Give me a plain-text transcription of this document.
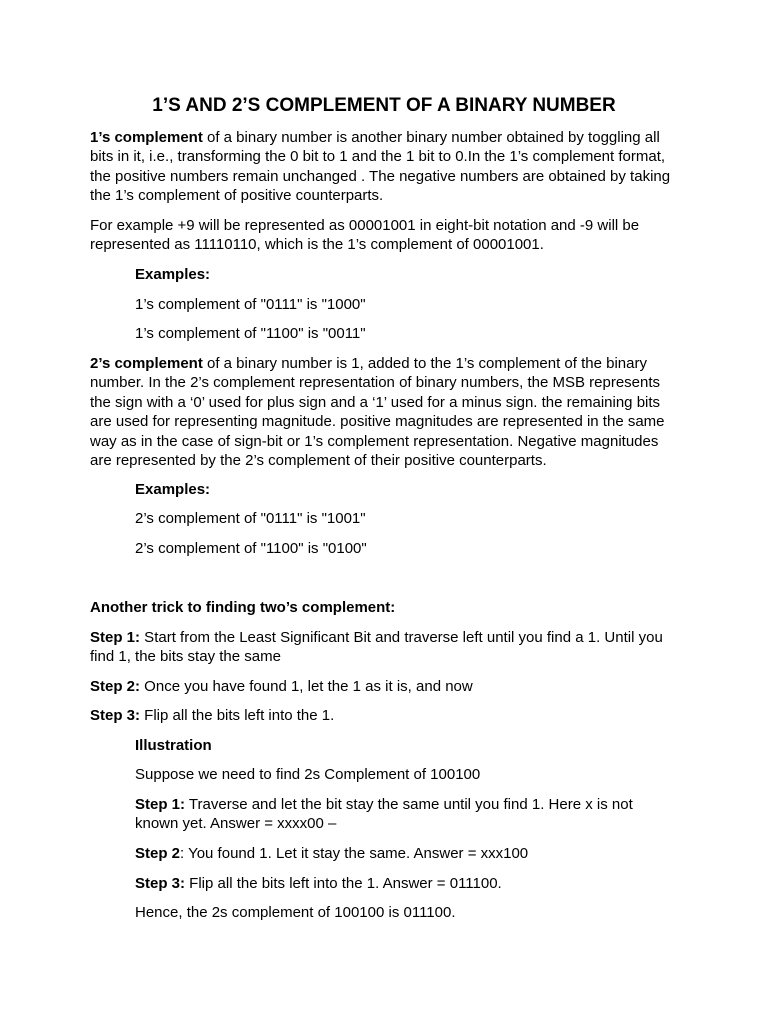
1’S AND 2’S COMPLEMENT OF A BINARY NUMBER

1’s complement of a binary number is another binary number obtained by toggling all bits in it, i.e., transforming the 0 bit to 1 and the 1 bit to 0.In the 1’s complement format, the positive numbers remain unchanged . The negative numbers are obtained by taking the 1’s complement of positive counterparts.

For example +9 will be represented as 00001001 in eight-bit notation and -9 will be represented as 11110110, which is the 1’s complement of 00001001.

Examples:

1’s complement of "0111" is "1000"

1’s complement of "1100" is "0011"

2’s complement of a binary number is 1, added to the 1’s complement of the binary number. In the 2’s complement representation of binary numbers, the MSB represents the sign with a ‘0’ used for plus sign and a ‘1’ used for a minus sign. the remaining bits are used for representing magnitude. positive magnitudes are represented in the same way as in the case of sign-bit or 1’s complement representation. Negative magnitudes are represented by the 2’s complement of their positive counterparts.

Examples:

2’s complement of "0111" is "1001"

2’s complement of "1100" is "0100"

Another trick to finding two’s complement:

Step 1: Start from the Least Significant Bit and traverse left until you find a 1. Until you find 1, the bits stay the same

Step 2: Once you have found 1, let the 1 as it is, and now

Step 3: Flip all the bits left into the 1.

Illustration

Suppose we need to find 2s Complement of 100100

Step 1: Traverse and let the bit stay the same until you find 1. Here x is not known yet. Answer = xxxx00 –

Step 2: You found 1. Let it stay the same. Answer = xxx100

Step 3: Flip all the bits left into the 1. Answer = 011100.

Hence, the 2s complement of 100100 is 011100.
